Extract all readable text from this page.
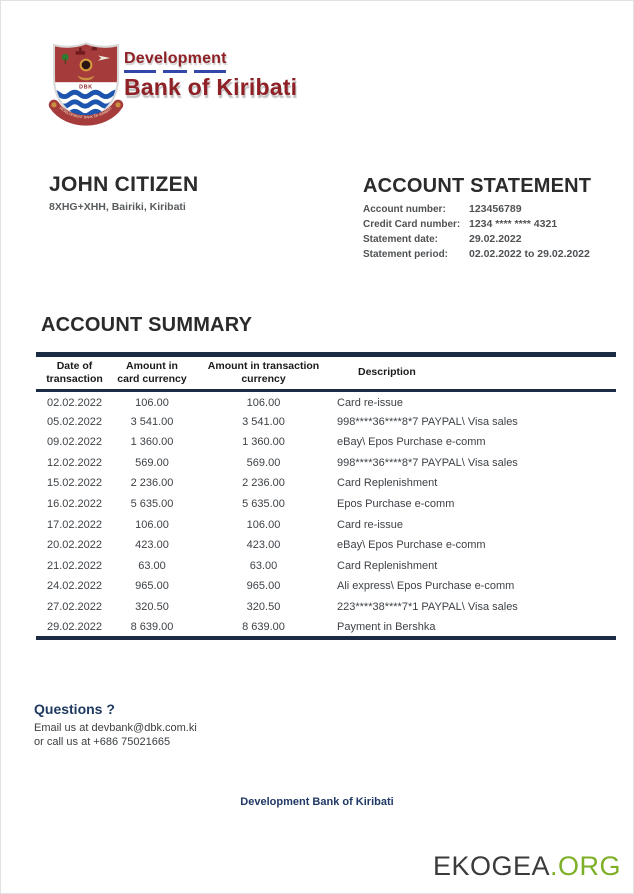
DBK
DEVELOPMENT BANK OF KIRIBATI
Development
Bank of Kiribati
JOHN CITIZEN
8XHG+XHH, Bairiki, Kiribati
ACCOUNT STATEMENT
Account number:	123456789
Credit Card number: 1234 **** **** 4321
Statement date:	29.02.2022
Statement period:	02.02.2022 to 29.02.2022
ACCOUNT SUMMARY
Date of transaction	Amount in card currency	Amount in transaction currency	Description
02.02.2022	106.00	106.00	Card re-issue
05.02.2022	3 541.00	3 541.00	998****36****8*7 PAYPAL\ Visa sales
09.02.2022	1 360.00	1 360.00	eBay\ Epos Purchase e-comm
12.02.2022	569.00	569.00	998****36****8*7 PAYPAL\ Visa sales
15.02.2022	2 236.00	2 236.00	Card Replenishment
16.02.2022	5 635.00	5 635.00	Epos Purchase e-comm
17.02.2022	106.00	106.00	Card re-issue
20.02.2022	423.00	423.00	eBay\ Epos Purchase e-comm
21.02.2022	63.00	63.00	Card Replenishment
24.02.2022	965.00	965.00	Ali express\ Epos Purchase e-comm
27.02.2022	320.50	320.50	223****38****7*1 PAYPAL\ Visa sales
29.02.2022	8 639.00	8 639.00	Payment in Bershka
Questions ?
Email us at devbank@dbk.com.ki
or call us at +686 75021665
Development Bank of Kiribati
EKOGEA.ORG
